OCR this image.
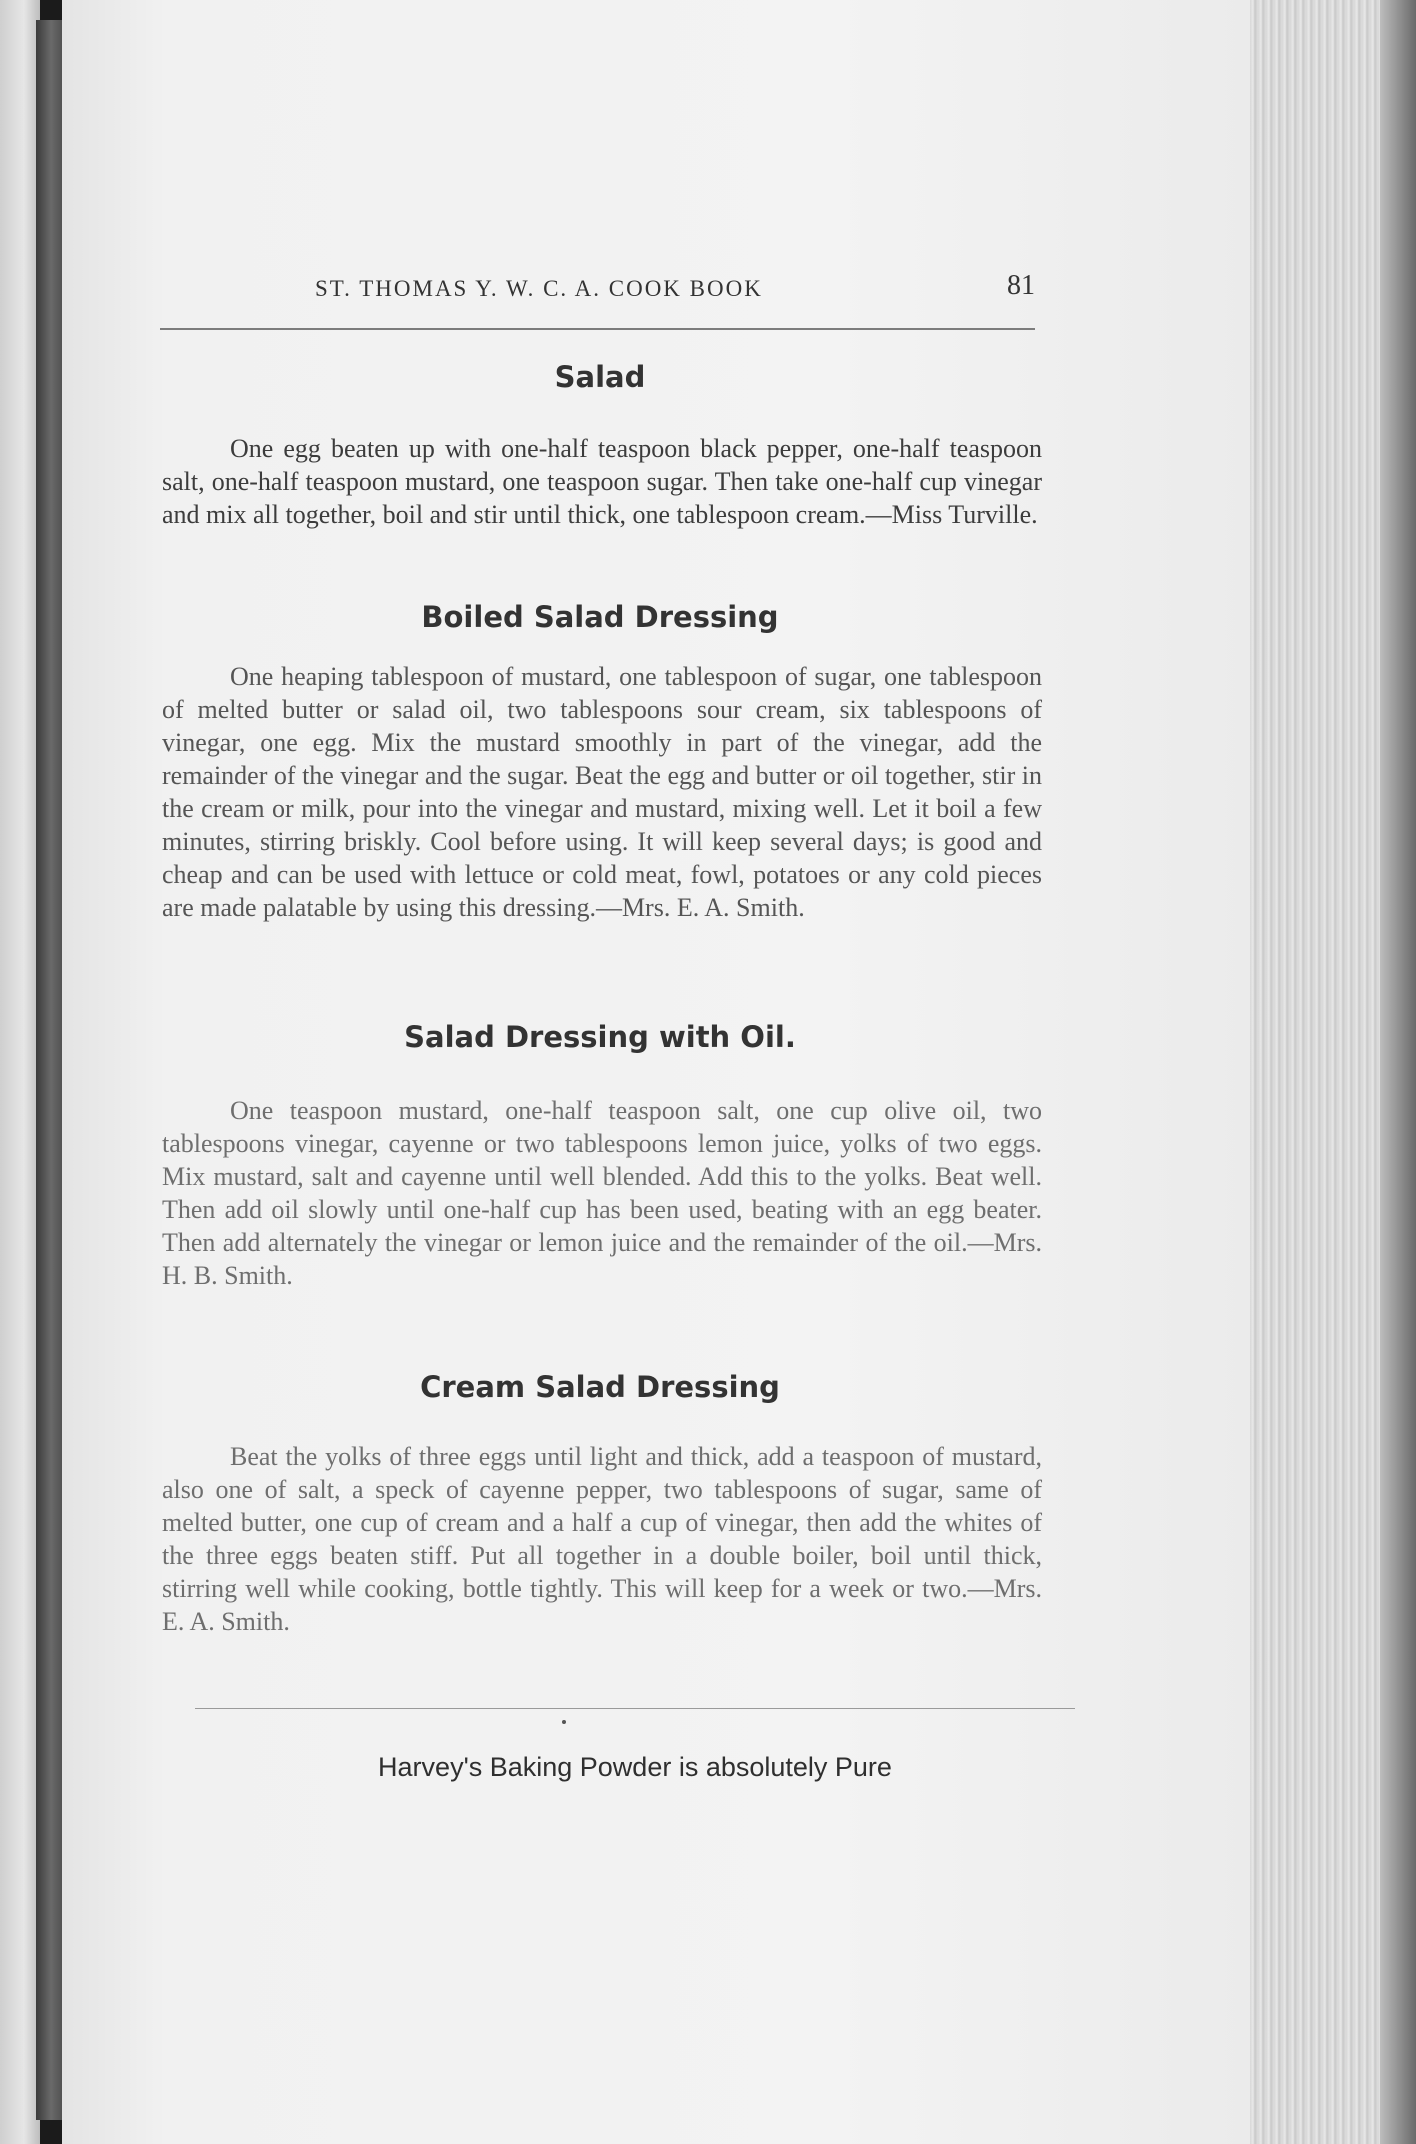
ST. THOMAS Y. W. C. A. COOK BOOK	81
Salad
One egg beaten up with one-half teaspoon black pepper, one-half teaspoon salt, one-half teaspoon mustard, one teaspoon sugar. Then take one-half cup vinegar and mix all together, boil and stir until thick, one tablespoon cream.—Miss Turville.
Boiled Salad Dressing
One heaping tablespoon of mustard, one tablespoon of sugar, one tablespoon of melted butter or salad oil, two tablespoons sour cream, six tablespoons of vinegar, one egg. Mix the mustard smoothly in part of the vinegar, add the remainder of the vinegar and the sugar. Beat the egg and butter or oil together, stir in the cream or milk, pour into the vinegar and mustard, mixing well. Let it boil a few minutes, stirring briskly. Cool before using. It will keep several days; is good and cheap and can be used with lettuce or cold meat, fowl, potatoes or any cold pieces are made palatable by using this dressing.—Mrs. E. A. Smith.
Salad Dressing with Oil.
One teaspoon mustard, one-half teaspoon salt, one cup olive oil, two tablespoons vinegar, cayenne or two tablespoons lemon juice, yolks of two eggs. Mix mustard, salt and cayenne until well blended. Add this to the yolks. Beat well. Then add oil slowly until one-half cup has been used, beating with an egg beater. Then add alternately the vinegar or lemon juice and the remainder of the oil.—Mrs. H. B. Smith.
Cream Salad Dressing
Beat the yolks of three eggs until light and thick, add a teaspoon of mustard, also one of salt, a speck of cayenne pepper, two tablespoons of sugar, same of melted butter, one cup of cream and a half a cup of vinegar, then add the whites of the three eggs beaten stiff. Put all together in a double boiler, boil until thick, stirring well while cooking, bottle tightly. This will keep for a week or two.—Mrs. E. A. Smith.
Harvey's Baking Powder is absolutely Pure
